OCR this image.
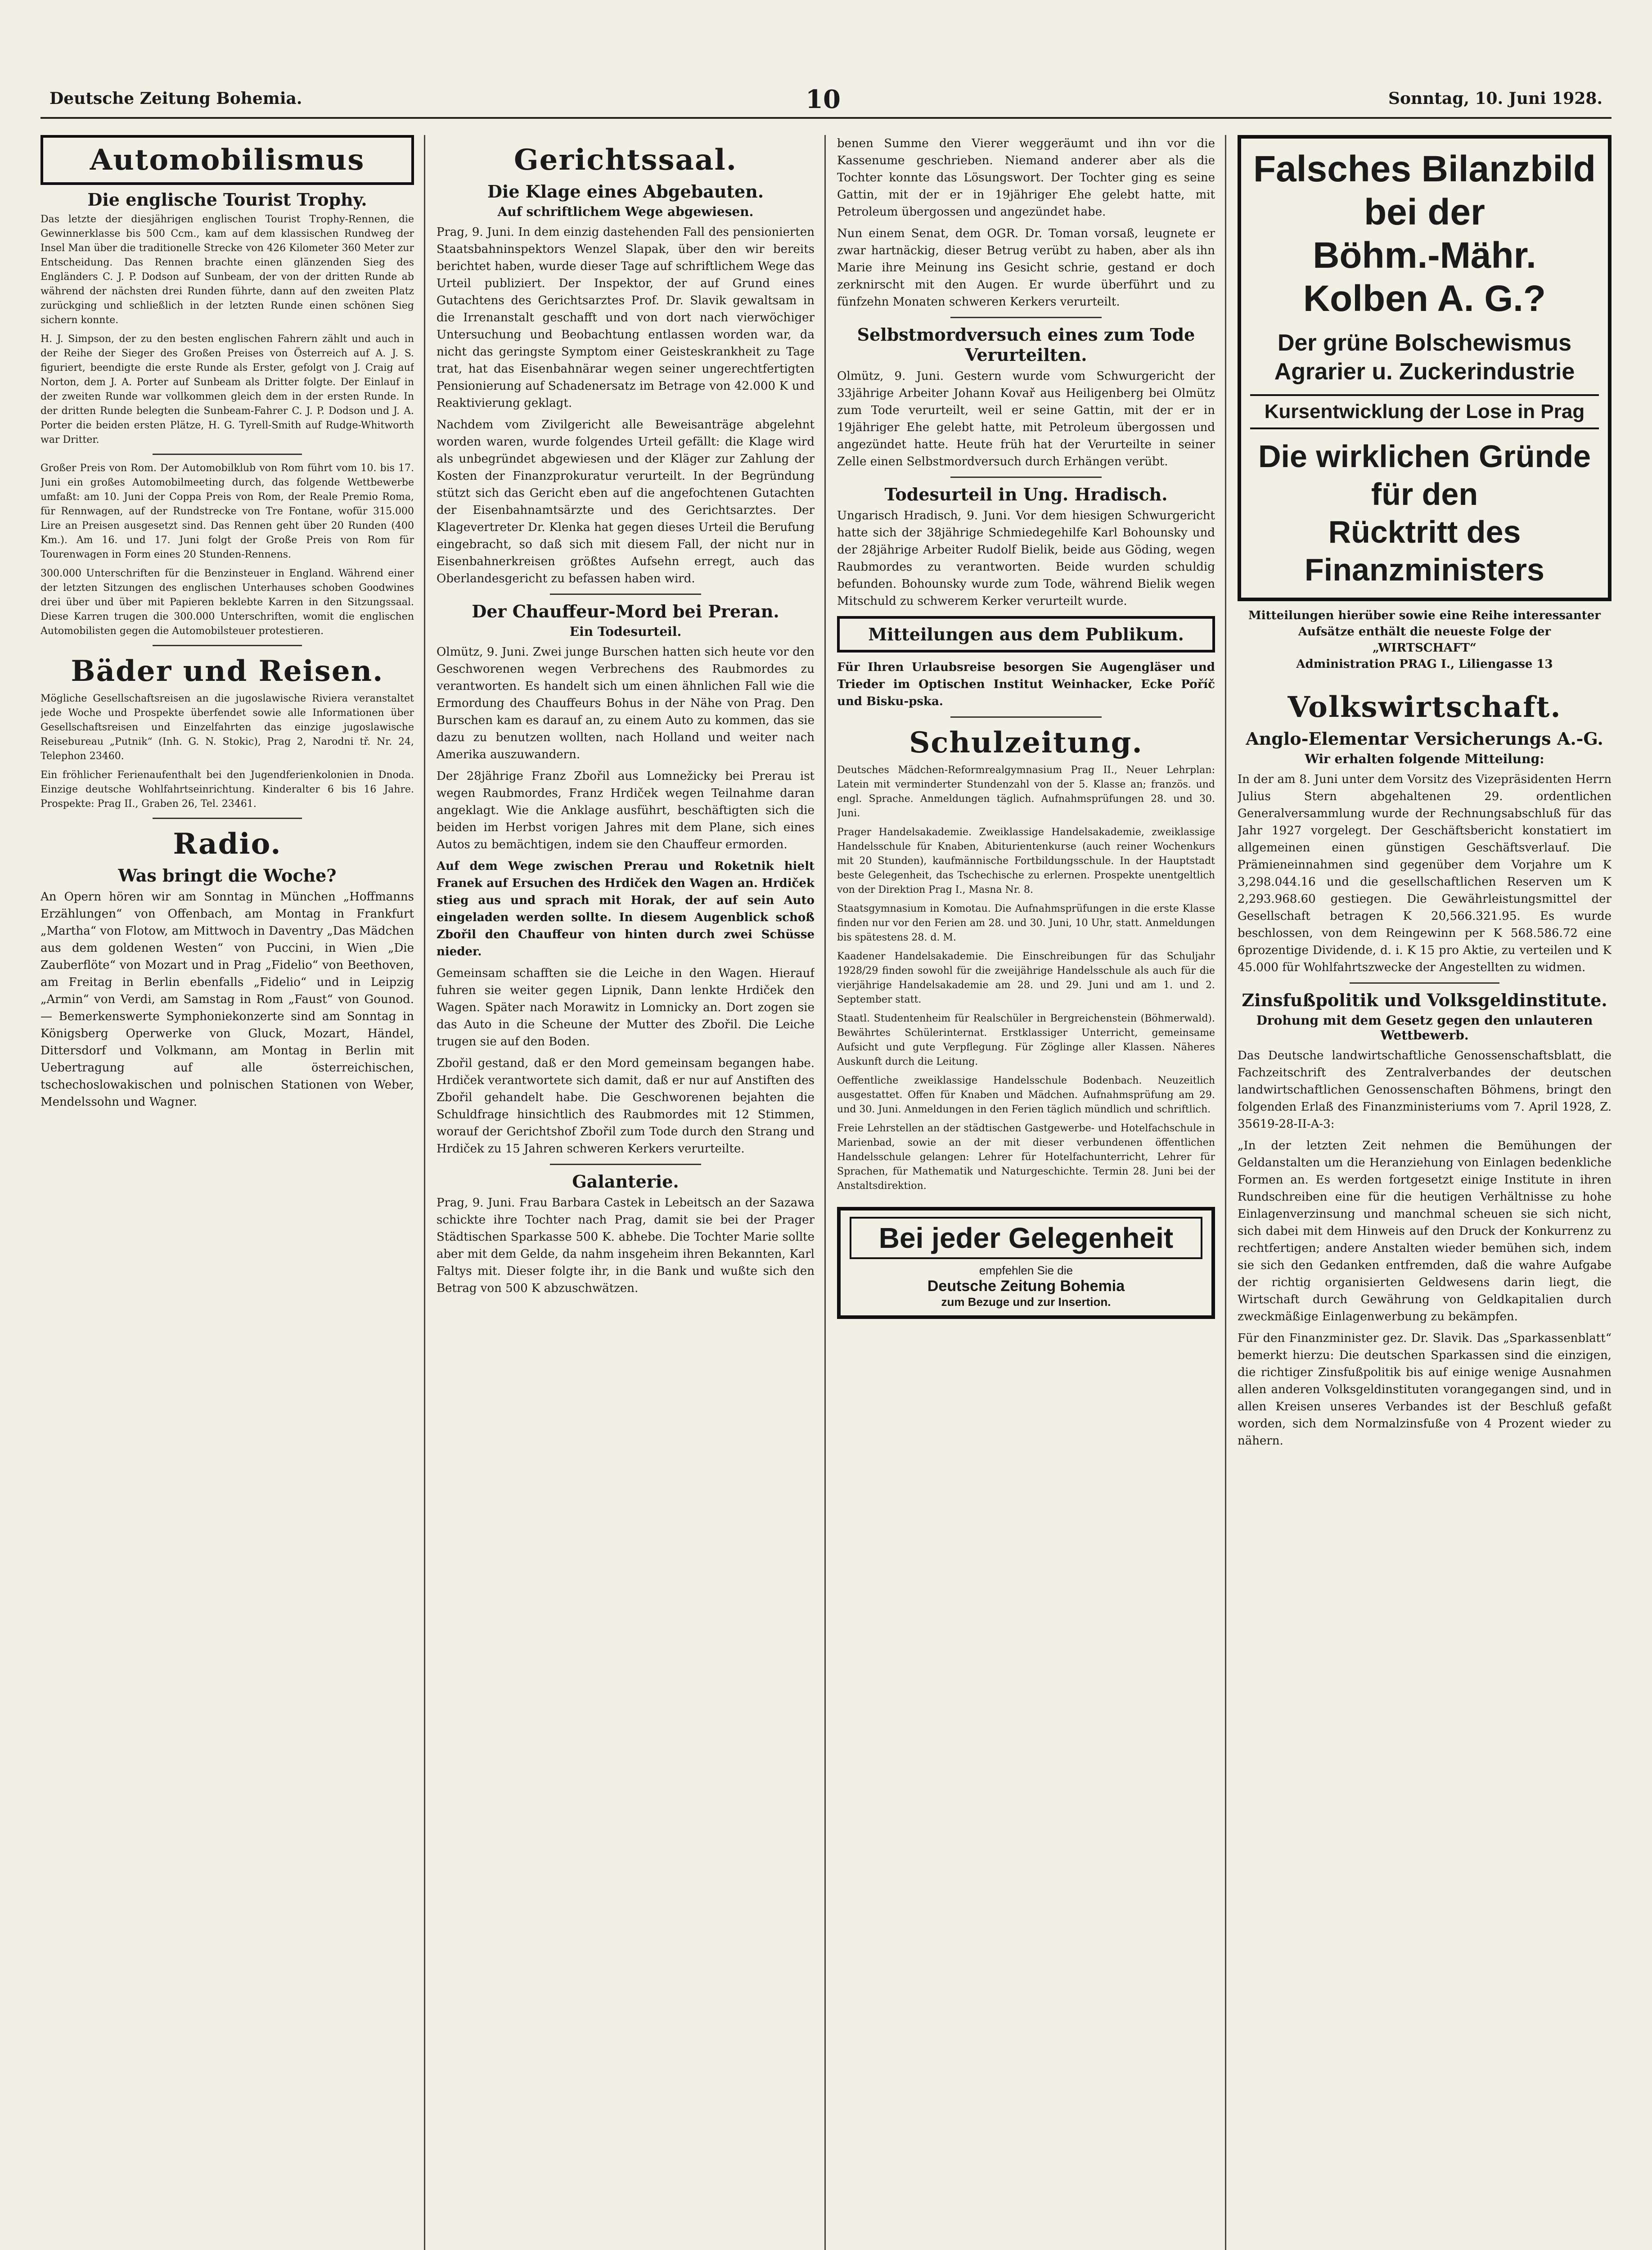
Deutsche Zeitung Bohemia.	10	Sonntag, 10. Juni 1928.
Automobilismus
Die englische Tourist Trophy.

Das letzte der diesjährigen englischen Tourist Trophy-Rennen, die Gewinnerklasse bis 500 Ccm., kam auf dem klassischen Rundweg der Insel Man über die traditionelle Strecke von 426 Kilometer 360 Meter zur Entscheidung. Das Rennen brachte einen glänzenden Sieg des Engländers C. J. P. Dodson auf Sunbeam, der von der dritten Runde ab während der nächsten drei Runden führte, dann auf den zweiten Platz zurückging und schließlich in der letzten Runde einen schönen Sieg sichern konnte.

H. J. Simpson, der zu den besten englischen Fahrern zählt und auch in der Reihe der Sieger des Großen Preises von Österreich auf A. J. S. figuriert, beendigte die erste Runde als Erster, gefolgt von J. Craig auf Norton, dem J. A. Porter auf Sunbeam als Dritter folgte. Der Einlauf in der zweiten Runde war vollkommen gleich dem in der ersten Runde. In der dritten Runde belegten die Sunbeam-Fahrer C. J. P. Dodson und J. A. Porter die beiden ersten Plätze, H. G. Tyrell-Smith auf Rudge-Whitworth war Dritter.

Großer Preis von Rom. Der Automobilklub von Rom führt vom 10. bis 17. Juni ein großes Automobilmeeting durch, das folgende Wettbewerbe umfaßt: am 10. Juni der Coppa Preis von Rom, der Reale Premio Roma, für Rennwagen, auf der Rundstrecke von Tre Fontane, wofür 315.000 Lire an Preisen ausgesetzt sind. Das Rennen geht über 20 Runden (400 Km.). Am 16. und 17. Juni folgt der Große Preis von Rom für Tourenwagen in Form eines 20 Stunden-Rennens.

300.000 Unterschriften für die Benzinsteuer in England. Während einer der letzten Sitzungen des englischen Unterhauses schoben Goodwines drei über und über mit Papieren beklebte Karren in den Sitzungssaal. Diese Karren trugen die 300.000 Unterschriften, womit die englischen Automobilisten gegen die Automobilsteuer protestieren.

Bäder und Reisen.

Mögliche Gesellschaftsreisen an die jugoslawische Riviera veranstaltet jede Woche und Prospekte überfendet sowie alle Informationen über Gesellschaftsreisen und Einzelfahrten das einzige jugoslawische Reisebureau „Putnik“ (Inh. G. N. Stokic), Prag 2, Narodni tř. Nr. 24, Telephon 23460.

Ein fröhlicher Ferienaufenthalt bei den Jugendferienkolonien in Dnoda. Einzige deutsche Wohlfahrtseinrichtung. Kinderalter 6 bis 16 Jahre. Prospekte: Prag II., Graben 26, Tel. 23461.

Radio.
Was bringt die Woche?

An Opern hören wir am Sonntag in München „Hoffmanns Erzählungen“ von Offenbach, am Montag in Frankfurt „Martha“ von Flotow, am Mittwoch in Daventry „Das Mädchen aus dem goldenen Westen“ von Puccini, in Wien „Die Zauberflöte“ von Mozart und in Prag „Fidelio“ von Beethoven, am Freitag in Berlin ebenfalls „Fidelio“ und in Leipzig „Armin“ von Verdi, am Samstag in Rom „Faust“ von Gounod. — Bemerkenswerte Symphoniekonzerte sind am Sonntag in Königsberg Operwerke von Gluck, Mozart, Händel, Dittersdorf und Volkmann, am Montag in Berlin mit Uebertragung auf alle österreichischen, tschechoslowakischen und polnischen Stationen von Weber, Mendelssohn und Wagner.

Gerichtssaal.
Die Klage eines Abgebauten.
Auf schriftlichem Wege abgewiesen.

Prag, 9. Juni. In dem einzig dastehenden Fall des pensionierten Staatsbahninspektors Wenzel Slapak, über den wir bereits berichtet haben, wurde dieser Tage auf schriftlichem Wege das Urteil publiziert. Der Inspektor, der auf Grund eines Gutachtens des Gerichtsarztes Prof. Dr. Slavik gewaltsam in die Irrenanstalt geschafft und von dort nach vierwöchiger Untersuchung und Beobachtung entlassen worden war, da nicht das geringste Symptom einer Geisteskrankheit zu Tage trat, hat das Eisenbahnärar wegen seiner ungerechtfertigten Pensionierung auf Schadenersatz im Betrage von 42.000 K und Reaktivierung geklagt.

Nachdem vom Zivilgericht alle Beweisanträge abgelehnt worden waren, wurde folgendes Urteil gefällt: die Klage wird als unbegründet abgewiesen und der Kläger zur Zahlung der Kosten der Finanzprokuratur verurteilt. In der Begründung stützt sich das Gericht eben auf die angefochtenen Gutachten der Eisenbahnamtsärzte und des Gerichtsarztes. Der Klagevertreter Dr. Klenka hat gegen dieses Urteil die Berufung eingebracht, so daß sich mit diesem Fall, der nicht nur in Eisenbahnerkreisen größtes Aufsehn erregt, auch das Oberlandesgericht zu befassen haben wird.

Der Chauffeur-Mord bei Preran.
Ein Todesurteil.

Olmütz, 9. Juni. Zwei junge Burschen hatten sich heute vor den Geschworenen wegen Verbrechens des Raubmordes zu verantworten. Es handelt sich um einen ähnlichen Fall wie die Ermordung des Chauffeurs Bohus in der Nähe von Prag. Den Burschen kam es darauf an, zu einem Auto zu kommen, das sie dazu zu benutzen wollten, nach Holland und weiter nach Amerika auszuwandern.

Der 28jährige Franz Zbořil aus Lomnežicky bei Prerau ist wegen Raubmordes, Franz Hrdiček wegen Teilnahme daran angeklagt. Wie die Anklage ausführt, beschäftigten sich die beiden im Herbst vorigen Jahres mit dem Plane, sich eines Autos zu bemächtigen, indem sie den Chauffeur ermorden.

Auf dem Wege zwischen Prerau und Roketnik hielt Franek auf Ersuchen des Hrdiček den Wagen an. Hrdiček stieg aus und sprach mit Horak, der auf sein Auto eingeladen werden sollte. In diesem Augenblick schoß Zbořil den Chauffeur von hinten durch zwei Schüsse nieder.

Gemeinsam schafften sie die Leiche in den Wagen. Hierauf fuhren sie weiter gegen Lipnik, Dann lenkte Hrdiček den Wagen. Später nach Morawitz in Lomnicky an. Dort zogen sie das Auto in die Scheune der Mutter des Zbořil. Die Leiche trugen sie auf den Boden.

Zbořil gestand, daß er den Mord gemeinsam begangen habe. Hrdiček verantwortete sich damit, daß er nur auf Anstiften des Zbořil gehandelt habe. Die Geschworenen bejahten die Schuldfrage hinsichtlich des Raubmordes mit 12 Stimmen, worauf der Gerichtshof Zbořil zum Tode durch den Strang und Hrdiček zu 15 Jahren schweren Kerkers verurteilte.

Galanterie.

Prag, 9. Juni. Frau Barbara Castek in Lebeitsch an der Sazawa schickte ihre Tochter nach Prag, damit sie bei der Prager Städtischen Sparkasse 500 K. abhebe. Die Tochter Marie sollte aber mit dem Gelde, da nahm insgeheim ihren Bekannten, Karl Faltys mit. Dieser folgte ihr, in die Bank und wußte sich den Betrag von 500 K abzuschwätzen.

benen Summe den Vierer weggeräumt und ihn vor die Kassenume geschrieben. Niemand anderer aber als die Tochter konnte das Lösungswort. Der Tochter ging es seine Gattin, mit der er in 19jähriger Ehe gelebt hatte, mit Petroleum übergossen und angezündet habe.

Nun einem Senat, dem OGR. Dr. Toman vorsaß, leugnete er zwar hartnäckig, dieser Betrug verübt zu haben, aber als ihn Marie ihre Meinung ins Gesicht schrie, gestand er doch zerknirscht mit den Augen. Er wurde überführt und zu fünfzehn Monaten schweren Kerkers verurteilt.

Selbstmordversuch eines zum Tode Verurteilten.

Olmütz, 9. Juni. Gestern wurde vom Schwurgericht der 33jährige Arbeiter Johann Kovař aus Heiligenberg bei Olmütz zum Tode verurteilt, weil er seine Gattin, mit der er in 19jähriger Ehe gelebt hatte, mit Petroleum übergossen und angezündet hatte. Heute früh hat der Verurteilte in seiner Zelle einen Selbstmordversuch durch Erhängen verübt.

Todesurteil in Ung. Hradisch.

Ungarisch Hradisch, 9. Juni. Vor dem hiesigen Schwurgericht hatte sich der 38jährige Schmiedegehilfe Karl Bohounsky und der 28jährige Arbeiter Rudolf Bielik, beide aus Göding, wegen Raubmordes zu verantworten. Beide wurden schuldig befunden. Bohounsky wurde zum Tode, während Bielik wegen Mitschuld zu schwerem Kerker verurteilt wurde.

Mitteilungen aus dem Publikum.

Für Ihren Urlaubsreise besorgen Sie Augengläser und Trieder im Optischen Institut Weinhacker, Ecke Poříč und Bisku-pska.

Schulzeitung.

Deutsches Mädchen-Reformrealgymnasium Prag II., Neuer Lehrplan: Latein mit verminderter Stundenzahl von der 5. Klasse an; französ. und engl. Sprache. Anmeldungen täglich. Aufnahmsprüfungen 28. und 30. Juni.

Prager Handelsakademie. Zweiklassige Handelsakademie, zweiklassige Handelsschule für Knaben, Abiturientenkurse (auch reiner Wochenkurs mit 20 Stunden), kaufmännische Fortbildungsschule. In der Hauptstadt beste Gelegenheit, das Tschechische zu erlernen. Prospekte unentgeltlich von der Direktion Prag I., Masna Nr. 8.

Staatsgymnasium in Komotau. Die Aufnahmsprüfungen in die erste Klasse finden nur vor den Ferien am 28. und 30. Juni, 10 Uhr, statt. Anmeldungen bis spätestens 28. d. M.

Kaadener Handelsakademie. Die Einschreibungen für das Schuljahr 1928/29 finden sowohl für die zweijährige Handelsschule als auch für die vierjährige Handelsakademie am 28. und 29. Juni und am 1. und 2. September statt.

Staatl. Studentenheim für Realschüler in Bergreichenstein (Böhmerwald). Bewährtes Schülerinternat. Erstklassiger Unterricht, gemeinsame Aufsicht und gute Verpflegung. Für Zöglinge aller Klassen. Näheres Auskunft durch die Leitung.

Oeffentliche zweiklassige Handelsschule Bodenbach. Neuzeitlich ausgestattet. Offen für Knaben und Mädchen. Aufnahmsprüfung am 29. und 30. Juni. Anmeldungen in den Ferien täglich mündlich und schriftlich.

Freie Lehrstellen an der städtischen Gastgewerbe- und Hotelfachschule in Marienbad, sowie an der mit dieser verbundenen öffentlichen Handelsschule gelangen: Lehrer für Hotelfachunterricht, Lehrer für Sprachen, für Mathematik und Naturgeschichte. Termin 28. Juni bei der Anstaltsdirektion.

Bei jeder Gelegenheit
empfehlen Sie die
Deutsche Zeitung Bohemia
zum Bezuge und zur Insertion.
Falsches Bilanzbild bei der
Böhm.-Mähr. Kolben A. G.?
Der grüne Bolschewismus
Agrarier u. Zuckerindustrie
Kursentwicklung der Lose in Prag
Die wirklichen Gründe für den
Rücktritt des Finanzministers
Mitteilungen hierüber sowie eine Reihe interessanter Aufsätze enthält die neueste Folge der
„WIRTSCHAFT“
Administration PRAG I., Liliengasse 13
Volkswirtschaft.
Anglo-Elementar Versicherungs A.-G.
Wir erhalten folgende Mitteilung:

In der am 8. Juni unter dem Vorsitz des Vizepräsidenten Herrn Julius Stern abgehaltenen 29. ordentlichen Generalversammlung wurde der Rechnungsabschluß für das Jahr 1927 vorgelegt. Der Geschäftsbericht konstatiert im allgemeinen einen günstigen Geschäftsverlauf. Die Prämieneinnahmen sind gegenüber dem Vorjahre um K 3,298.044.16 und die gesellschaftlichen Reserven um K 2,293.968.60 gestiegen. Die Gewährleistungsmittel der Gesellschaft betragen K 20,566.321.95. Es wurde beschlossen, von dem Reingewinn per K 568.586.72 eine 6prozentige Dividende, d. i. K 15 pro Aktie, zu verteilen und K 45.000 für Wohlfahrtszwecke der Angestellten zu widmen.

Zinsfußpolitik und Volksgeldinstitute.
Drohung mit dem Gesetz gegen den unlauteren Wettbewerb.

Das Deutsche landwirtschaftliche Genossenschaftsblatt, die Fachzeitschrift des Zentralverbandes der deutschen landwirtschaftlichen Genossenschaften Böhmens, bringt den folgenden Erlaß des Finanzministeriums vom 7. April 1928, Z. 35619-28-II-A-3:

„In der letzten Zeit nehmen die Bemühungen der Geldanstalten um die Heranziehung von Einlagen bedenkliche Formen an. Es werden fortgesetzt einige Institute in ihren Rundschreiben eine für die heutigen Verhältnisse zu hohe Einlagenverzinsung und manchmal scheuen sie sich nicht, sich dabei mit dem Hinweis auf den Druck der Konkurrenz zu rechtfertigen; andere Anstalten wieder bemühen sich, indem sie sich den Gedanken entfremden, daß die wahre Aufgabe der richtig organisierten Geldwesens darin liegt, die Wirtschaft durch Gewährung von Geldkapitalien durch zweckmäßige Einlagenwerbung zu bekämpfen.

Für den Finanzminister gez. Dr. Slavik. Das „Sparkassenblatt“ bemerkt hierzu: Die deutschen Sparkassen sind die einzigen, die richtiger Zinsfußpolitik bis auf einige wenige Ausnahmen allen anderen Volksgeldinstituten vorangegangen sind, und in allen Kreisen unseres Verbandes ist der Beschluß gefaßt worden, sich dem Normalzinsfuße von 4 Prozent wieder zu nähern.
